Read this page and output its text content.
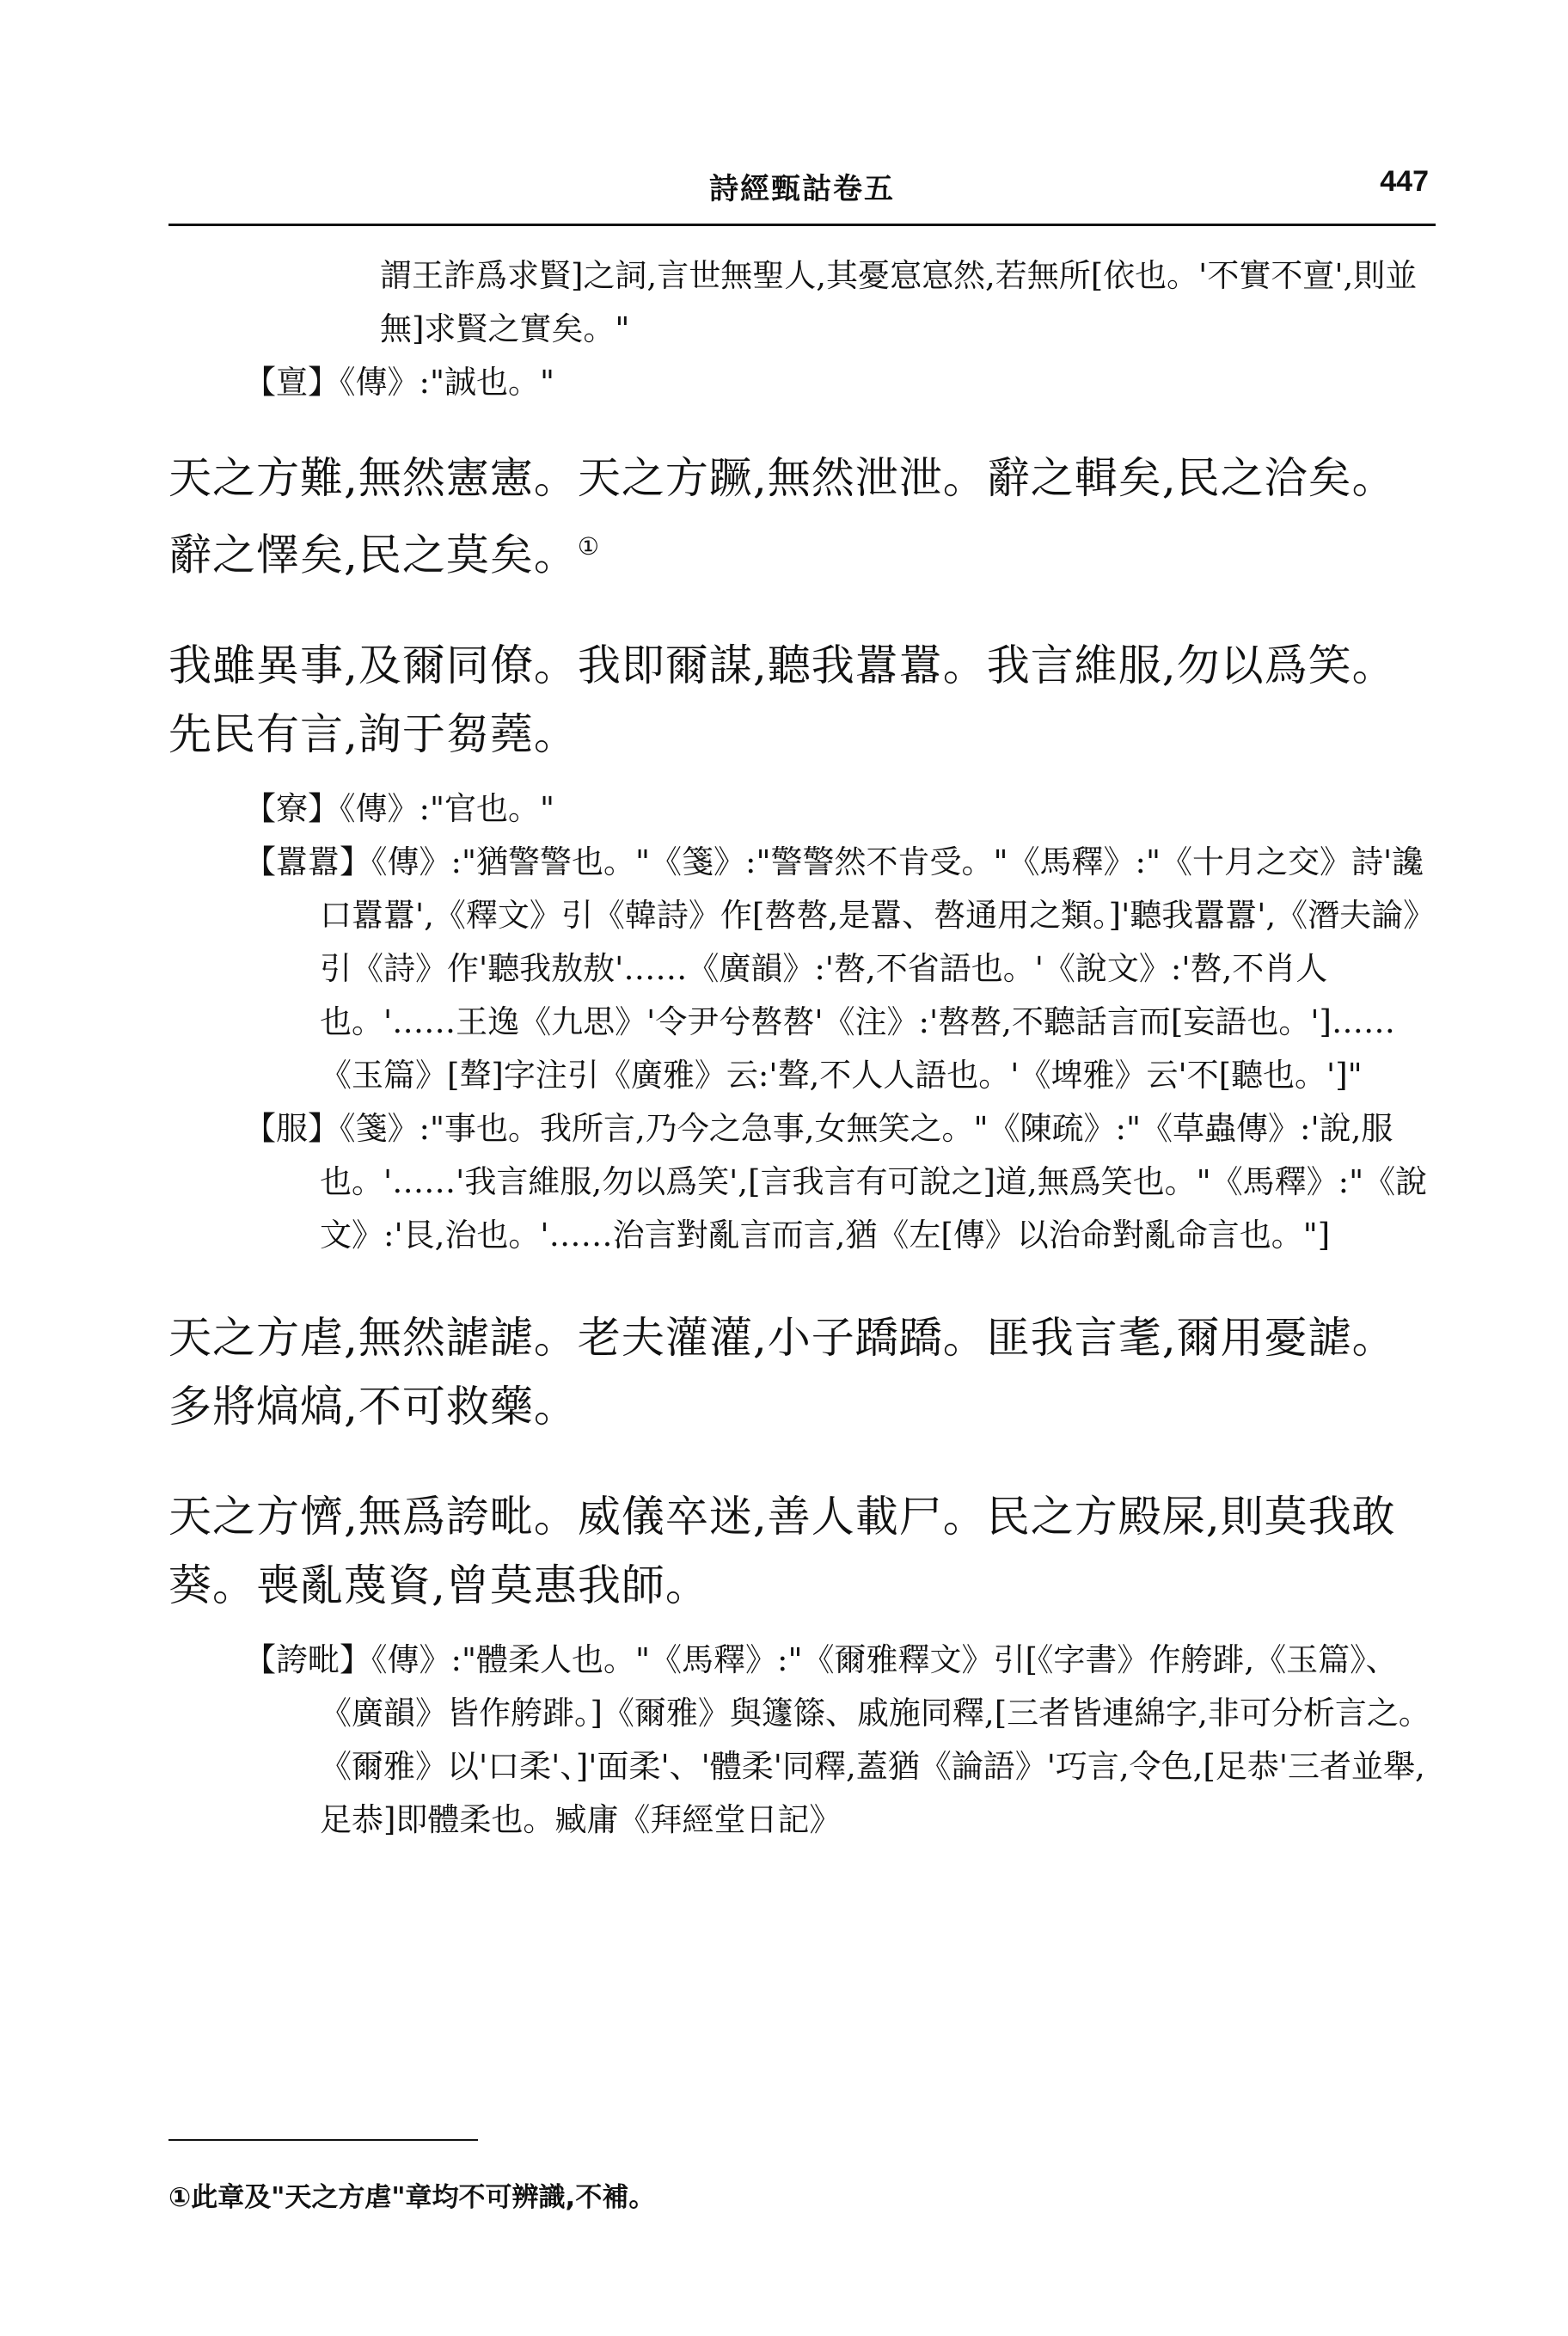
詩經甄詁卷五	447
謂王詐爲求賢]之詞,言世無聖人,其憂悹悹然,若無所[依也。'不實不亶',則並無]求賢之實矣。"
【亶】《傳》:"誠也。"
天之方難,無然憲憲。天之方蹶,無然泄泄。辭之輯矣,民之洽矣。辭之懌矣,民之莫矣。①
我雖異事,及爾同僚。我即爾謀,聽我囂囂。我言維服,勿以爲笑。先民有言,詢于芻蕘。
【寮】《傳》:"官也。"
【囂囂】《傳》:"猶警警也。"《箋》:"警警然不肯受。"《馬釋》:"《十月之交》詩'讒口囂囂',《釋文》引《韓詩》作[嗸嗸,是囂、嗸通用之類。]'聽我囂囂',《潛夫論》引《詩》作'聽我敖敖'……《廣韻》:'嗸,不省語也。'《說文》:'嗸,不肖人也。'……王逸《九思》'令尹兮嗸嗸'《注》:'嗸嗸,不聽話言而[妄語也。']……《玉篇》[聱]字注引《廣雅》云:'聱,不人人語也。'《埤雅》云'不[聽也。']"
【服】《箋》:"事也。我所言,乃今之急事,女無笑之。"《陳疏》:"《草蟲傳》:'說,服也。'……'我言維服,勿以爲笑',[言我言有可說之]道,無爲笑也。"《馬釋》:"《說文》:'艮,治也。'……治言對亂言而言,猶《左[傳》以治命對亂命言也。"]
天之方虐,無然謔謔。老夫灌灌,小子蹻蹻。匪我言耄,爾用憂謔。多將熇熇,不可救藥。
天之方懠,無爲誇毗。威儀卒迷,善人載尸。民之方殿屎,則莫我敢葵。喪亂蔑資,曾莫惠我師。
【誇毗】《傳》:"體柔人也。"《馬釋》:"《爾雅釋文》引[《字書》作舿䠊,《玉篇》、《廣韻》皆作舿䠊。]《爾雅》與籧篨、戚施同釋,[三者皆連綿字,非可分析言之。《爾雅》以'口柔'、]'面柔'、'體柔'同釋,蓋猶《論語》'巧言,令色,[足恭'三者並舉,足恭]即體柔也。臧庸《拜經堂日記》
①此章及"天之方虐"章均不可辨識,不補。
